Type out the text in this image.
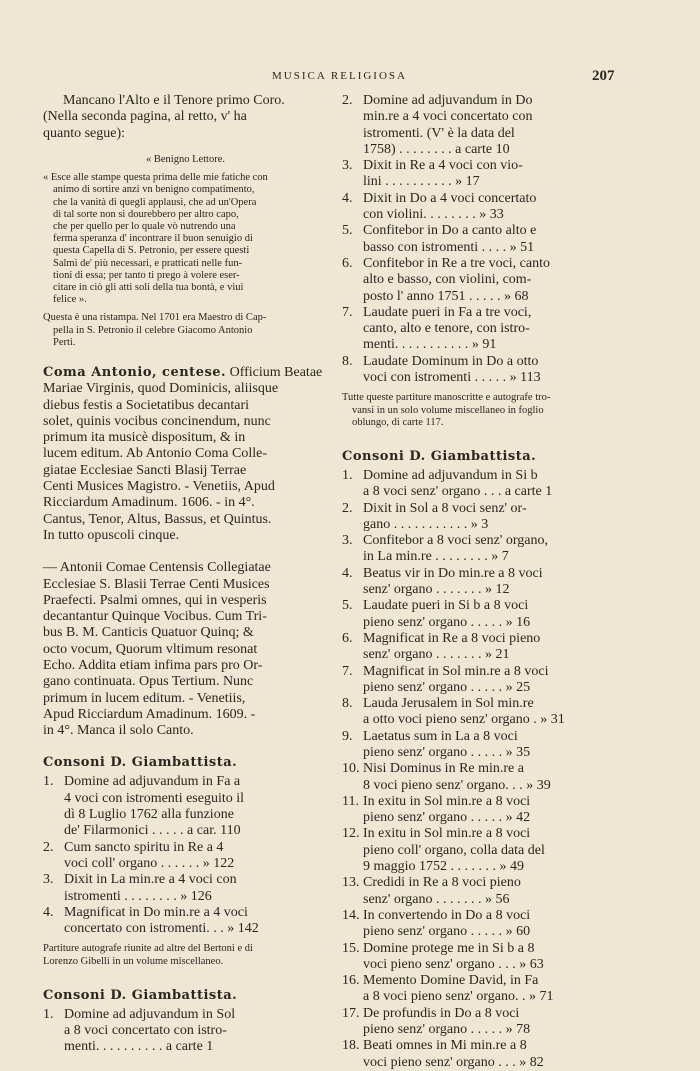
MUSICA RELIGIOSA	207
Mancano l'Alto e il Tenore primo Coro.
(Nella seconda pagina, al retto, v' ha
quanto segue):
« Benigno Lettore.
« Esce alle stampe questa prima delle mie fatiche con
animo di sortire anzi vn benigno compatimento,
che la vanità di quegli applausi, che ad un'Opera
di tal sorte non si dourebbero per altro capo,
che per quello per lo quale vò nutrendo una
ferma speranza d' incontrare il buon senuigio di
questa Capella di S. Petronio, per essere questi
Salmi de' più necessari, e pratticati nelle fun-
tioni di essa; per tanto ti prego à volere eser-
citare in ciò gli atti soli della tua bontà, e viui
felice ».
Questa è una ristampa. Nel 1701 era Maestro di Cap-
pella in S. Petronio il celebre Giacomo Antonio
Perti.
Coma Antonio, centese. Officium Beatae
Mariae Virginis, quod Dominicis, aliisque
diebus festis a Societatibus decantari
solet, quinis vocibus concinendum, nunc
primum ita musicè dispositum, & in
lucem editum. Ab Antonio Coma Colle-
giatae Ecclesiae Sancti Blasij Terrae
Centi Musices Magistro. - Venetiis, Apud
Ricciardum Amadinum. 1606. - in 4°.
Cantus, Tenor, Altus, Bassus, et Quintus.
In tutto opuscoli cinque.
— Antonii Comae Centensis Collegiatae
Ecclesiae S. Blasii Terrae Centi Musices
Praefecti. Psalmi omnes, qui in vesperis
decantantur Quinque Vocibus. Cum Tri-
bus B. M. Canticis Quatuor Quinq; &
octo vocum, Quorum vltimum resonat
Echo. Addita etiam infima pars pro Or-
gano continuata. Opus Tertium. Nunc
primum in lucem editum. - Venetiis,
Apud Ricciardum Amadinum. 1609. -
in 4°. Manca il solo Canto.
Consoni D. Giambattista.
1. Domine ad adjuvandum in Fa a
4 voci con istromenti eseguito il
dì 8 Luglio 1762 alla funzione
de' Filarmonici . . . . . a car. 110
2. Cum sancto spiritu in Re a 4
voci coll' organo . . . . . . » 122
3. Dixit in La min.re a 4 voci con
istromenti . . . . . . . . » 126
4. Magnificat in Do min.re a 4 voci
concertato con istromenti. . . » 142
Partiture autografe riunite ad altre del Bertoni e di
Lorenzo Gibelli in un volume miscellaneo.
Consoni D. Giambattista.
1. Domine ad adjuvandum in Sol
a 8 voci concertato con istro-
menti. . . . . . . . . . a carte 1
2. Domine ad adjuvandum in Do
min.re a 4 voci concertato con
istromenti. (V' è la data del
1758) . . . . . . . . a carte 10
3. Dixit in Re a 4 voci con vio-
lini . . . . . . . . . . » 17
4. Dixit in Do a 4 voci concertato
con violini. . . . . . . . » 33
5. Confitebor in Do a canto alto e
basso con istromenti . . . . » 51
6. Confitebor in Re a tre voci, canto
alto e basso, con violini, com-
posto l' anno 1751 . . . . . » 68
7. Laudate pueri in Fa a tre voci,
canto, alto e tenore, con istro-
menti. . . . . . . . . . . » 91
8. Laudate Dominum in Do a otto
voci con istromenti . . . . . » 113
Tutte queste partiture manoscritte e autografe tro-
vansi in un solo volume miscellaneo in foglio
oblungo, di carte 117.
Consoni D. Giambattista.
1. Domine ad adjuvandum in Si b
a 8 voci senz' organo . . . a carte 1
2. Dixit in Sol a 8 voci senz' or-
gano . . . . . . . . . . . » 3
3. Confitebor a 8 voci senz' organo,
in La min.re . . . . . . . . » 7
4. Beatus vir in Do min.re a 8 voci
senz' organo . . . . . . . » 12
5. Laudate pueri in Si b a 8 voci
pieno senz' organo . . . . . » 16
6. Magnificat in Re a 8 voci pieno
senz' organo . . . . . . . » 21
7. Magnificat in Sol min.re a 8 voci
pieno senz' organo . . . . . » 25
8. Lauda Jerusalem in Sol min.re
a otto voci pieno senz' organo . » 31
9. Laetatus sum in La a 8 voci
pieno senz' organo . . . . . » 35
10. Nisi Dominus in Re min.re a
8 voci pieno senz' organo. . . » 39
11. In exitu in Sol min.re a 8 voci
pieno senz' organo . . . . . » 42
12. In exitu in Sol min.re a 8 voci
pieno coll' organo, colla data del
9 maggio 1752 . . . . . . . » 49
13. Credidi in Re a 8 voci pieno
senz' organo . . . . . . . » 56
14. In convertendo in Do a 8 voci
pieno senz' organo . . . . . » 60
15. Domine protege me in Si b a 8
voci pieno senz' organo . . . » 63
16. Memento Domine David, in Fa
a 8 voci pieno senz' organo. . » 71
17. De profundis in Do a 8 voci
pieno senz' organo . . . . . » 78
18. Beati omnes in Mi min.re a 8
voci pieno senz' organo . . . » 82
